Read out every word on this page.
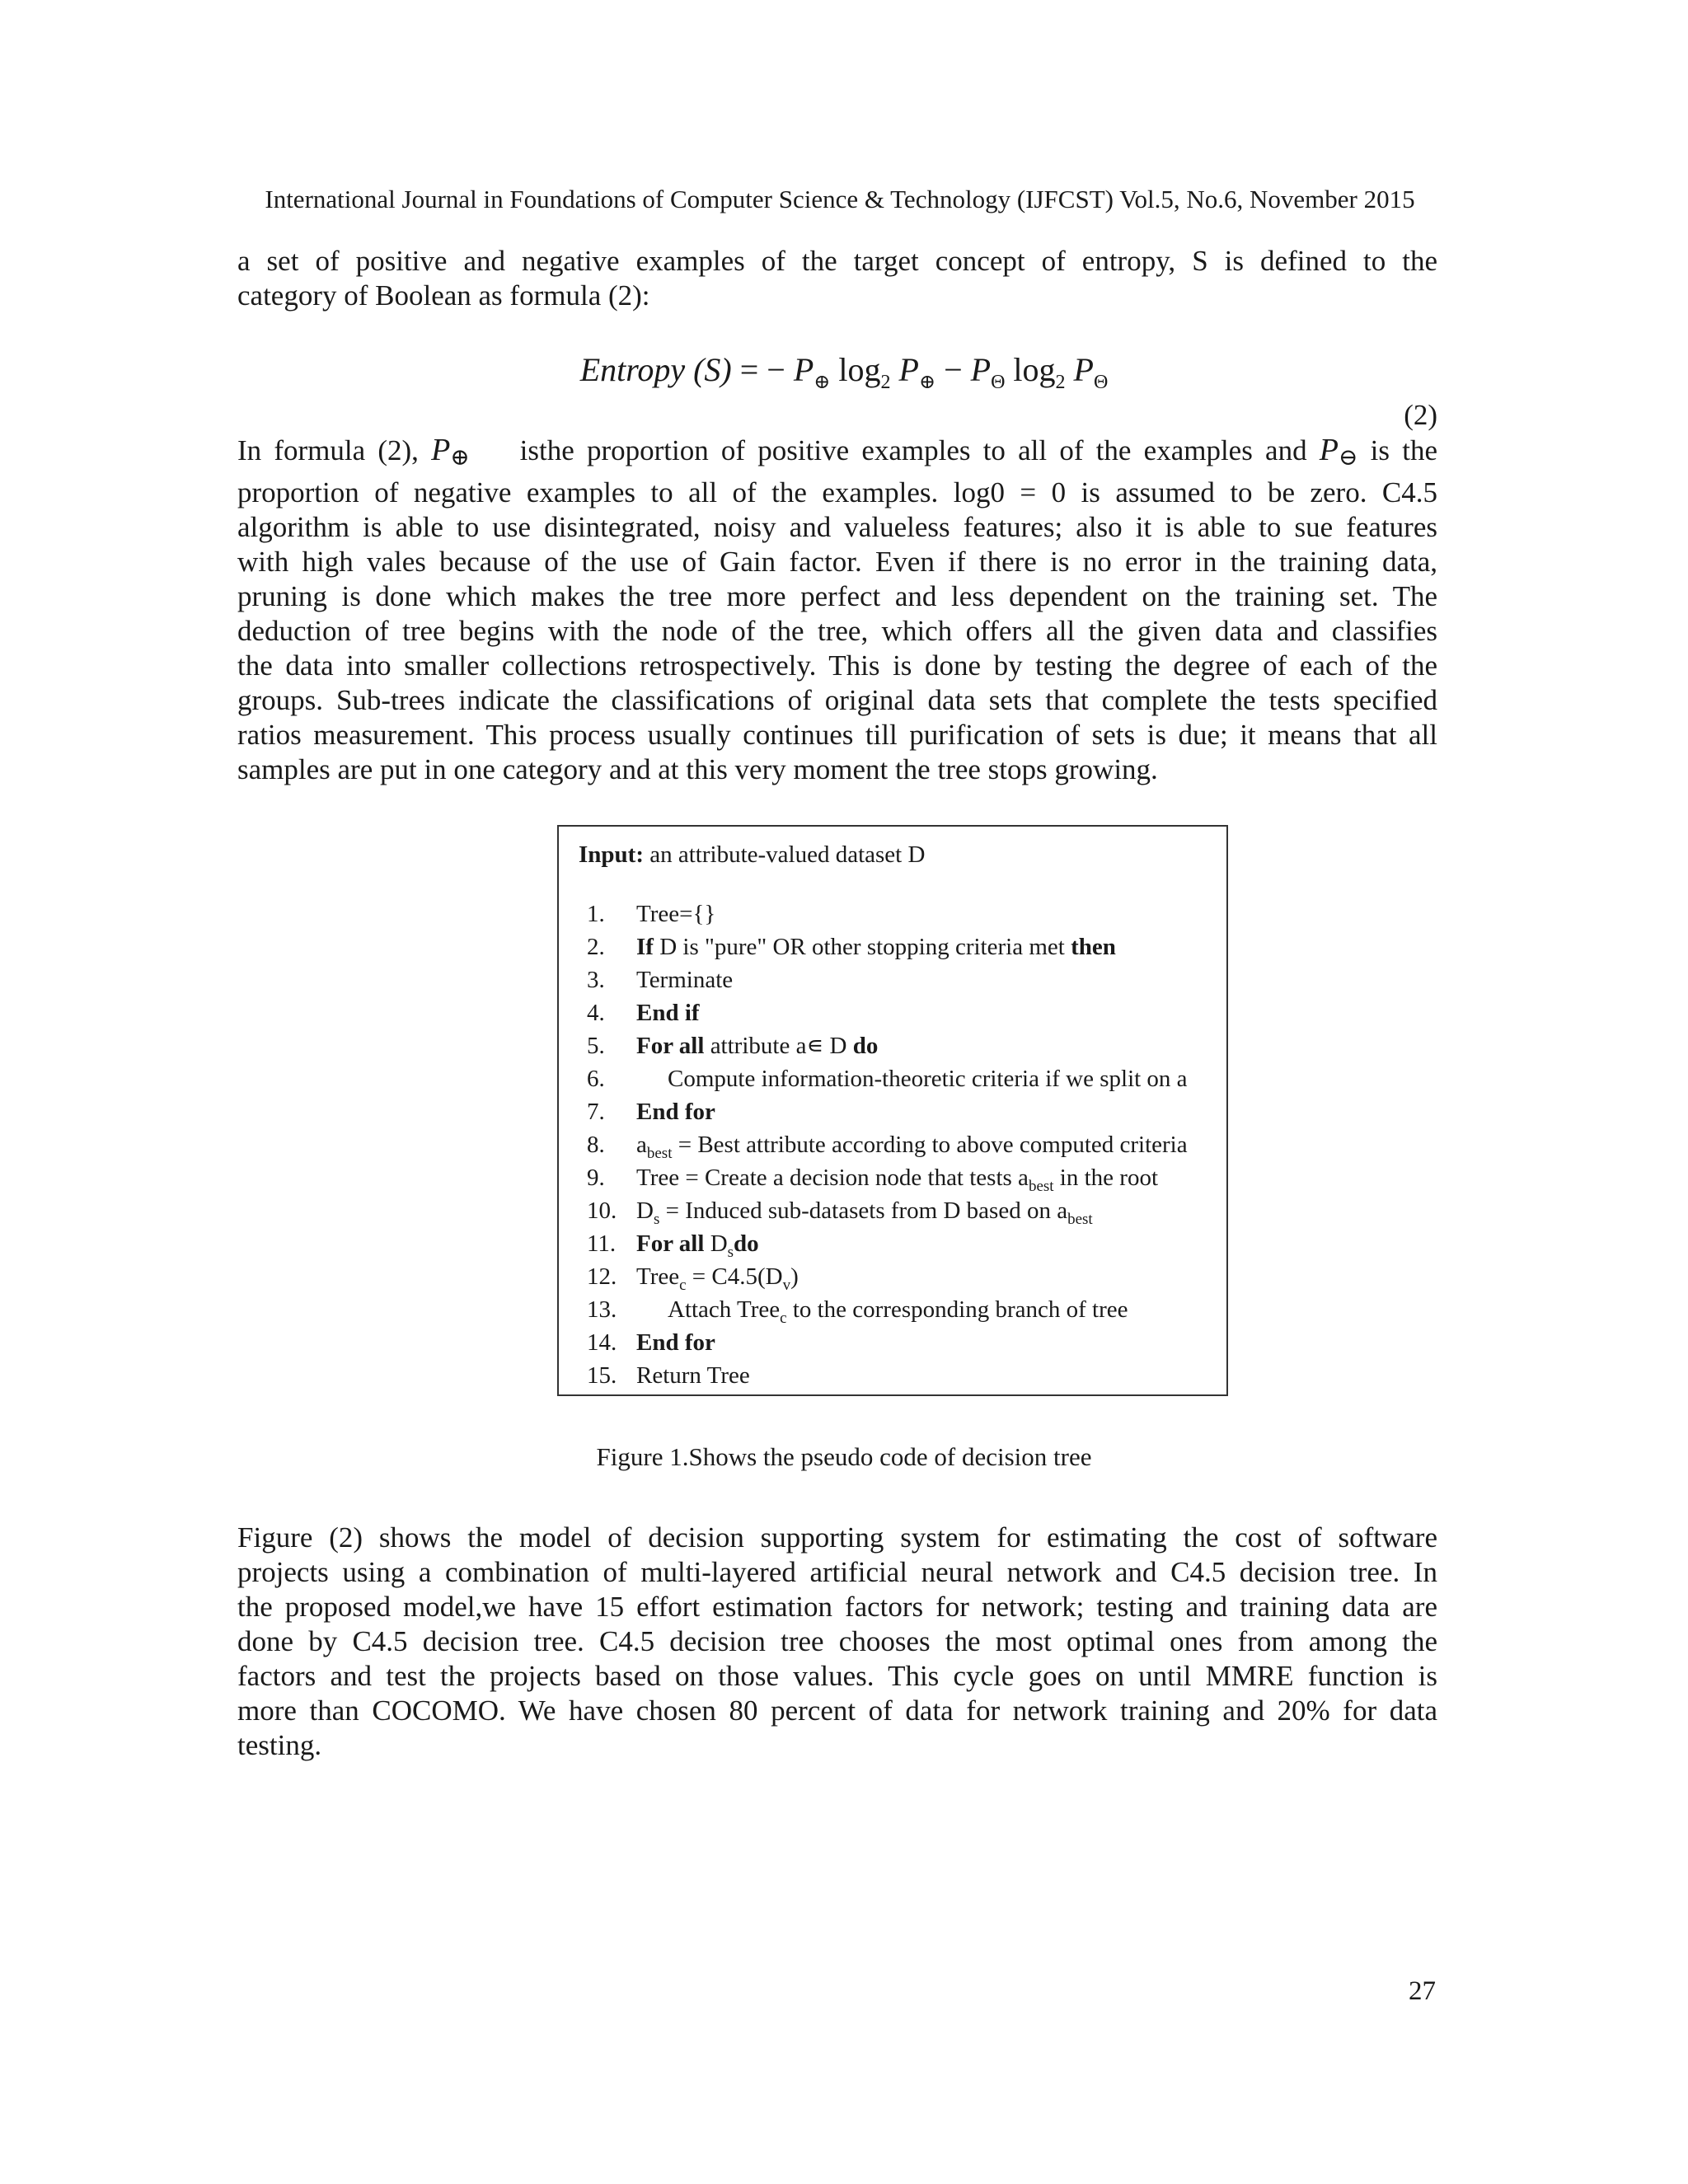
International Journal in Foundations of Computer Science & Technology (IJFCST) Vol.5, No.6, November 2015
a set of positive and negative examples of the target concept of entropy, S is defined to the
category of Boolean as formula (2):
Entropy (S) = − $P_\oplus$ $\log_2 P_\oplus - P_\Theta$ $\log_2 P_\Theta$
(2)
In formula (2), P⊕ isthe proportion of positive examples to all of the examples and P⊖ is the
proportion of negative examples to all of the examples. log0 = 0 is assumed to be zero. C4.5
algorithm is able to use disintegrated, noisy and valueless features; also it is able to sue features
with high vales because of the use of Gain factor. Even if there is no error in the training data,
pruning is done which makes the tree more perfect and less dependent on the training set. The
deduction of tree begins with the node of the tree, which offers all the given data and classifies
the data into smaller collections retrospectively. This is done by testing the degree of each of the
groups. Sub-trees indicate the classifications of original data sets that complete the tests specified
ratios measurement. This process usually continues till purification of sets is due; it means that all
samples are put in one category and at this very moment the tree stops growing.
Input: an attribute-valued dataset D
1.	Tree={}
2.	If D is "pure" OR other stopping criteria met then
3.	Terminate
4.	End if
5.	For all attribute a∊ D do
6.	Compute information-theoretic criteria if we split on a
7.	End for
8.	$a_{best}$ = Best attribute according to above computed criteria
9.	Tree = Create a decision node that tests $a_{best}$ in the root
10. $D_s$ = Induced sub-datasets from D based on $a_{best}$
11. For all $D_sdo$
12. Tree$_c$ = $C4.5(D_v)$
13.	Attach Tree$_c$ to the corresponding branch of tree
14. End for
15. Return Tree
Figure 1.Shows the pseudo code of decision tree
Figure (2) shows the model of decision supporting system for estimating the cost of software
projects using a combination of multi-layered artificial neural network and C4.5 decision tree. In
the proposed model,we have 15 effort estimation factors for network; testing and training data are
done by C4.5 decision tree. C4.5 decision tree chooses the most optimal ones from among the
factors and test the projects based on those values. This cycle goes on until MMRE function is
more than COCOMO. We have chosen 80 percent of data for network training and 20% for data
testing.
27
